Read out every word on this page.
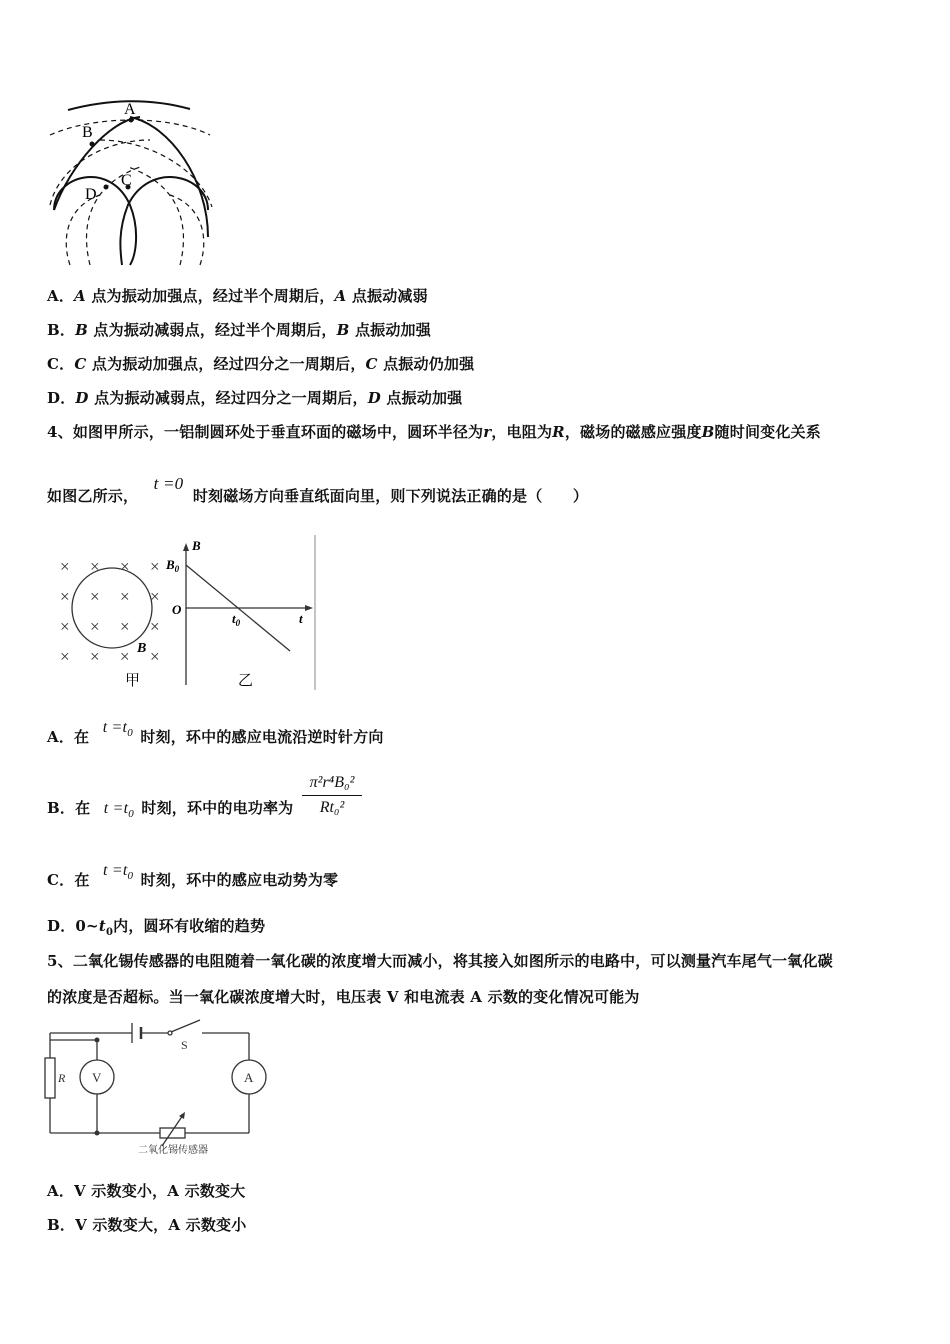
A
B
C
D
A．A 点为振动加强点，经过半个周期后，A 点振动减弱
B．B 点为振动减弱点，经过半个周期后，B 点振动加强
C．C 点为振动加强点，经过四分之一周期后，C 点振动仍加强
D．D 点为振动减弱点，经过四分之一周期后，D 点振动加强
4、如图甲所示，一铝制圆环处于垂直环面的磁场中，圆环半径为r，电阻为R，磁场的磁感应强度B随时间变化关系
如图乙所示， t =0 时刻磁场方向垂直纸面向里，则下列说法正确的是（　　）
× × × ×
× × × ×
× × × ×
× × × ×
B
甲
B
$B_0$
O
$t_0$	t
乙
A．在 $t =t_0$ 时刻，环中的感应电流沿逆时针方向
B．在 $t =t_0$ 时刻，环中的电功率为
π²r⁴B₀²
Rt₀²
C．在 $t =t_0$ 时刻，环中的感应电动势为零
D．$0\sim t_0$内，圆环有收缩的趋势
5、二氧化锡传感器的电阻随着一氧化碳的浓度增大而减小，将其接入如图所示的电路中，可以测量汽车尾气一氧化碳
的浓度是否超标。当一氧化碳浓度增大时，电压表 V 和电流表 A 示数的变化情况可能为
S
R V	A
二氧化锡传感器
A．V 示数变小，A 示数变大
B．V 示数变大，A 示数变小
